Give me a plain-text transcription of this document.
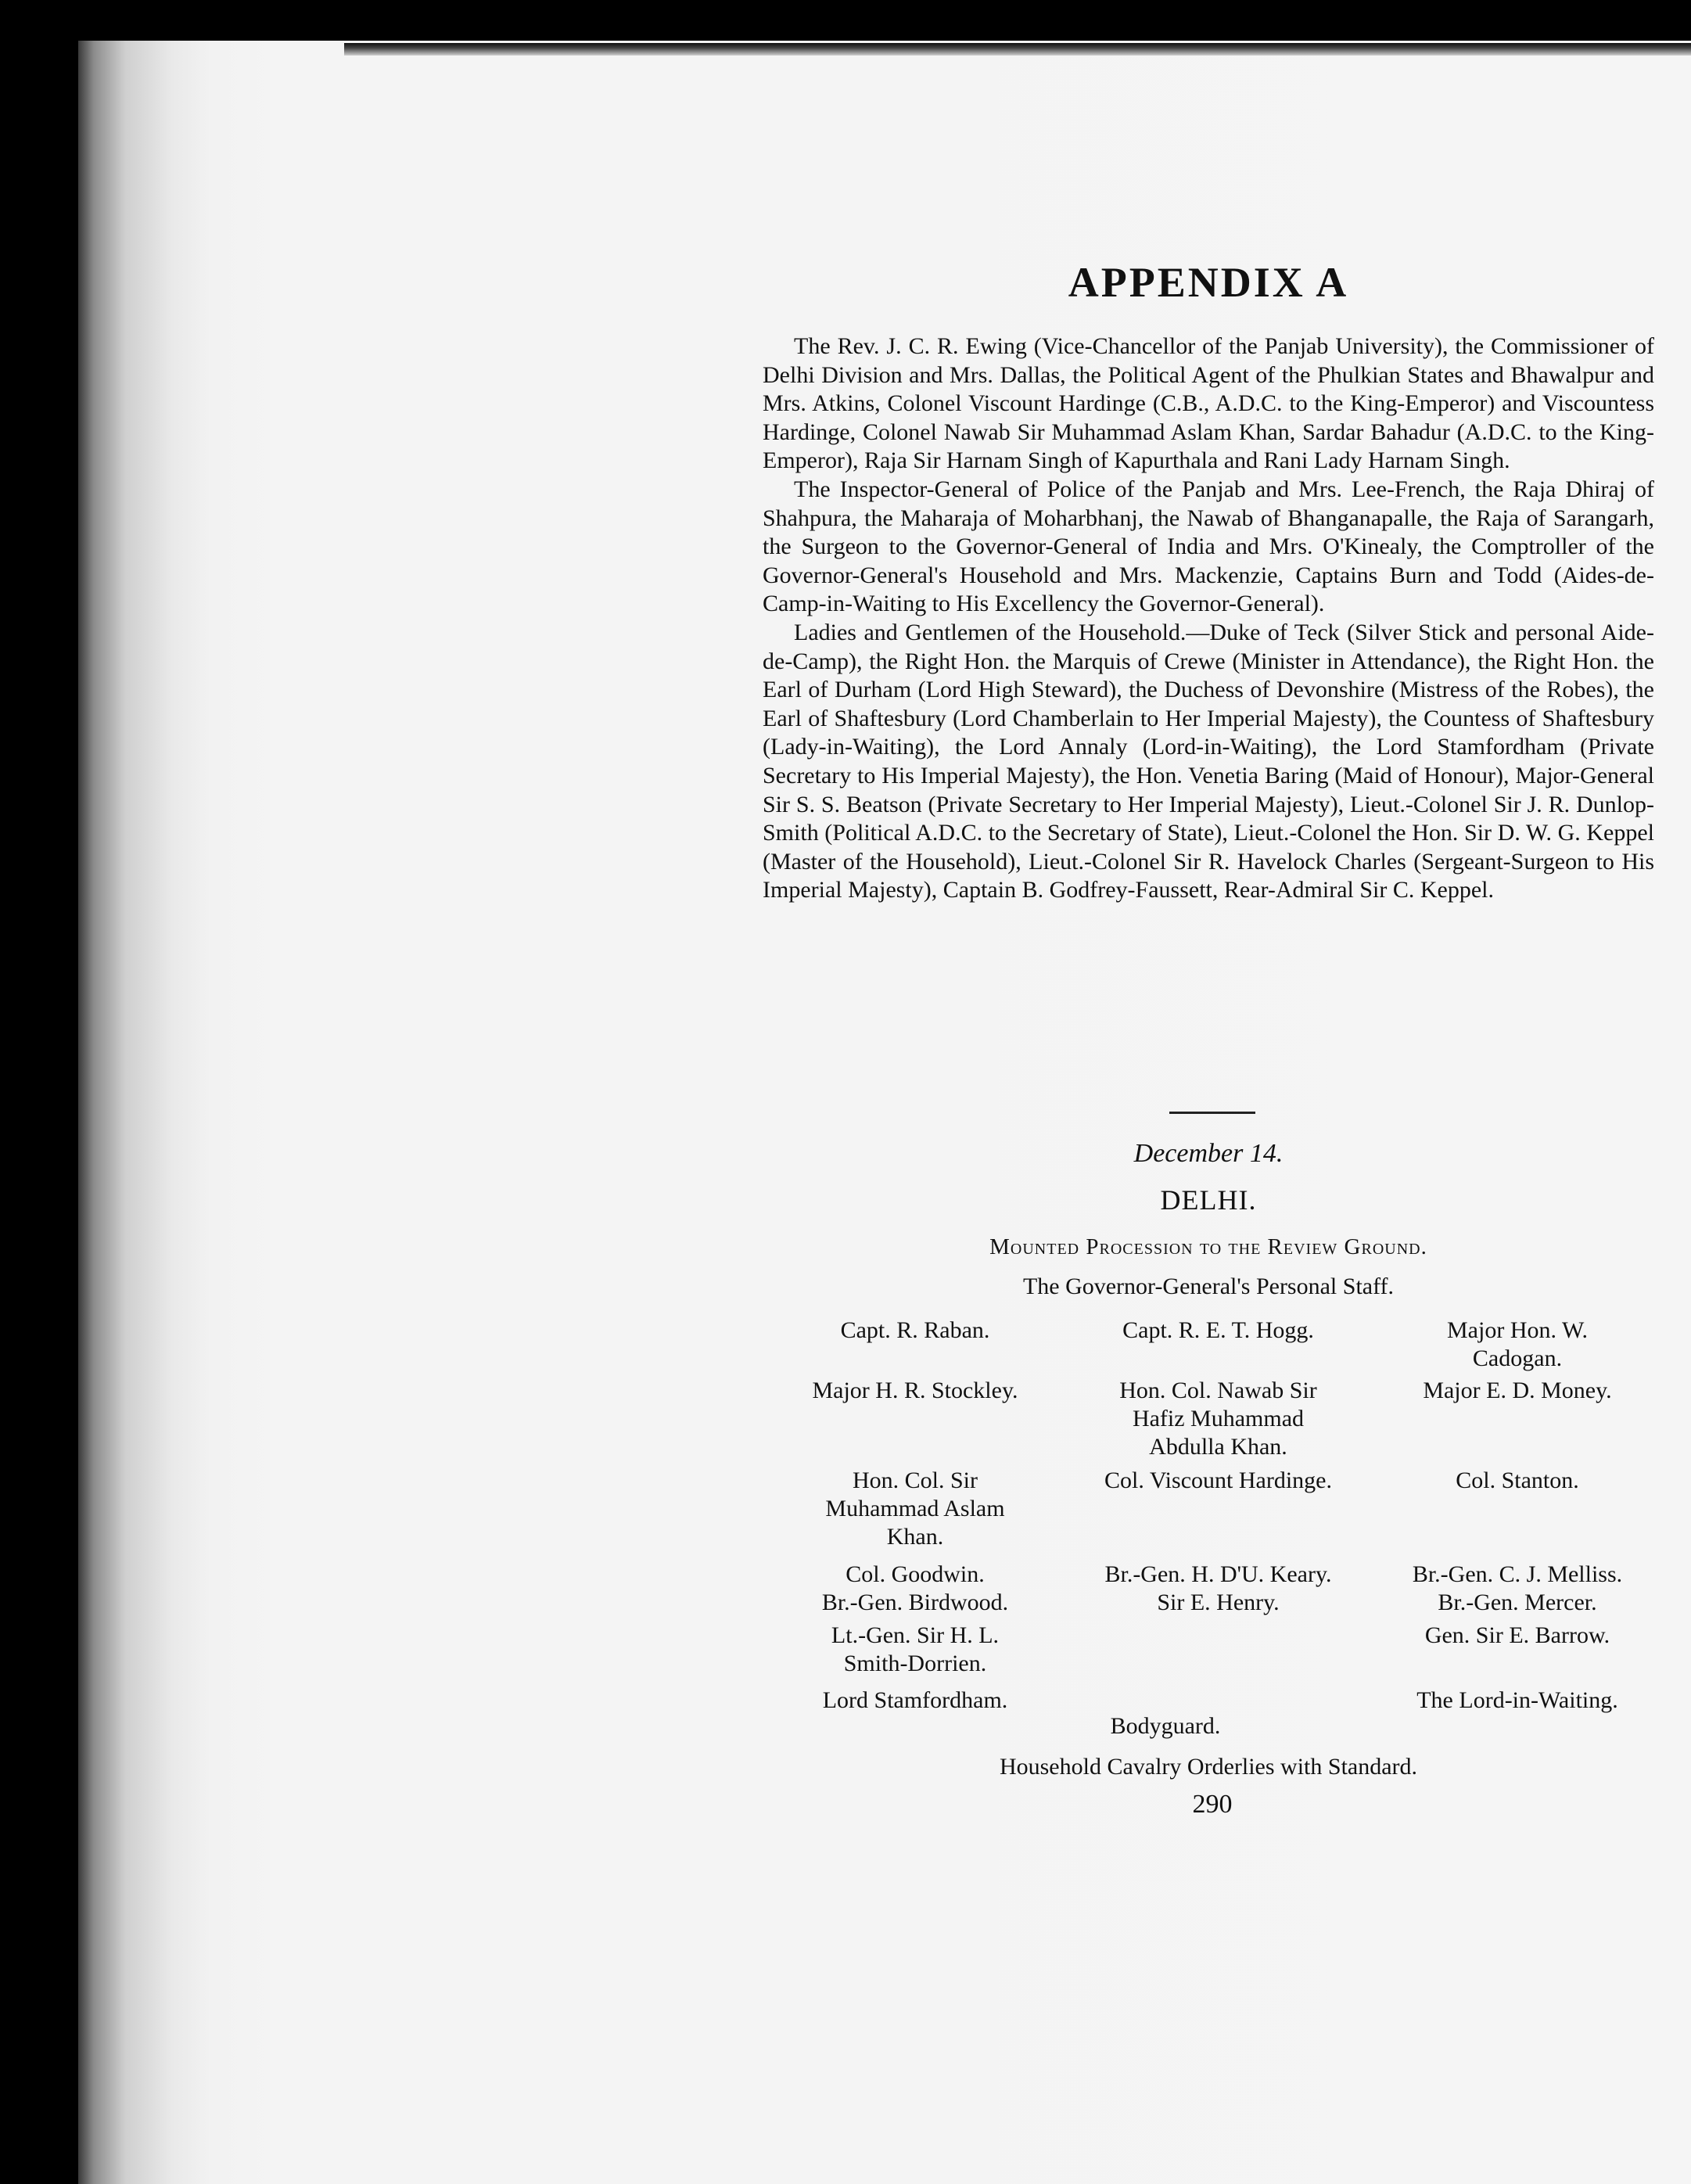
APPENDIX A

The Rev. J. C. R. Ewing (Vice-Chancellor of the Panjab University), the Commissioner of Delhi Division and Mrs. Dallas, the Political Agent of the Phulkian States and Bhawalpur and Mrs. Atkins, Colonel Viscount Hardinge (C.B., A.D.C. to the King-Emperor) and Viscountess Hardinge, Colonel Nawab Sir Muhammad Aslam Khan, Sardar Bahadur (A.D.C. to the King-Emperor), Raja Sir Harnam Singh of Kapurthala and Rani Lady Harnam Singh.

The Inspector-General of Police of the Panjab and Mrs. Lee-French, the Raja Dhiraj of Shahpura, the Maharaja of Moharbhanj, the Nawab of Bhanganapalle, the Raja of Sarangarh, the Surgeon to the Governor-General of India and Mrs. O'Kinealy, the Comptroller of the Governor-General's Household and Mrs. Mackenzie, Captains Burn and Todd (Aides-de-Camp-in-Waiting to His Excellency the Governor-General).

Ladies and Gentlemen of the Household.—Duke of Teck (Silver Stick and personal Aide-de-Camp), the Right Hon. the Marquis of Crewe (Minister in Attendance), the Right Hon. the Earl of Durham (Lord High Steward), the Duchess of Devonshire (Mistress of the Robes), the Earl of Shaftesbury (Lord Chamberlain to Her Imperial Majesty), the Countess of Shaftesbury (Lady-in-Waiting), the Lord Annaly (Lord-in-Waiting), the Lord Stamfordham (Private Secretary to His Imperial Majesty), the Hon. Venetia Baring (Maid of Honour), Major-General Sir S. S. Beatson (Private Secretary to Her Imperial Majesty), Lieut.-Colonel Sir J. R. Dunlop-Smith (Political A.D.C. to the Secretary of State), Lieut.-Colonel the Hon. Sir D. W. G. Keppel (Master of the Household), Lieut.-Colonel Sir R. Havelock Charles (Sergeant-Surgeon to His Imperial Majesty), Captain B. Godfrey-Faussett, Rear-Admiral Sir C. Keppel.

December 14.
DELHI.
Mounted Procession to the Review Ground.
The Governor-General's Personal Staff.
Capt. R. Raban.
Major H. R. Stockley.
Hon. Col. Sir Muhammad Aslam Khan.
Col. Goodwin.
Br.-Gen. Birdwood.
Lt.-Gen. Sir H. L. Smith-Dorrien.
Lord Stamfordham.
Capt. R. E. T. Hogg.
Hon. Col. Nawab Sir Hafiz Muhammad Abdulla Khan.
Col. Viscount Hardinge.
Br.-Gen. H. D'U. Keary.
Sir E. Henry.
Major Hon. W. Cadogan.
Major E. D. Money.
Col. Stanton.
Br.-Gen. C. J. Melliss.
Br.-Gen. Mercer.
Gen. Sir E. Barrow.
The Lord-in-Waiting.
Bodyguard.
Household Cavalry Orderlies with Standard.
290
